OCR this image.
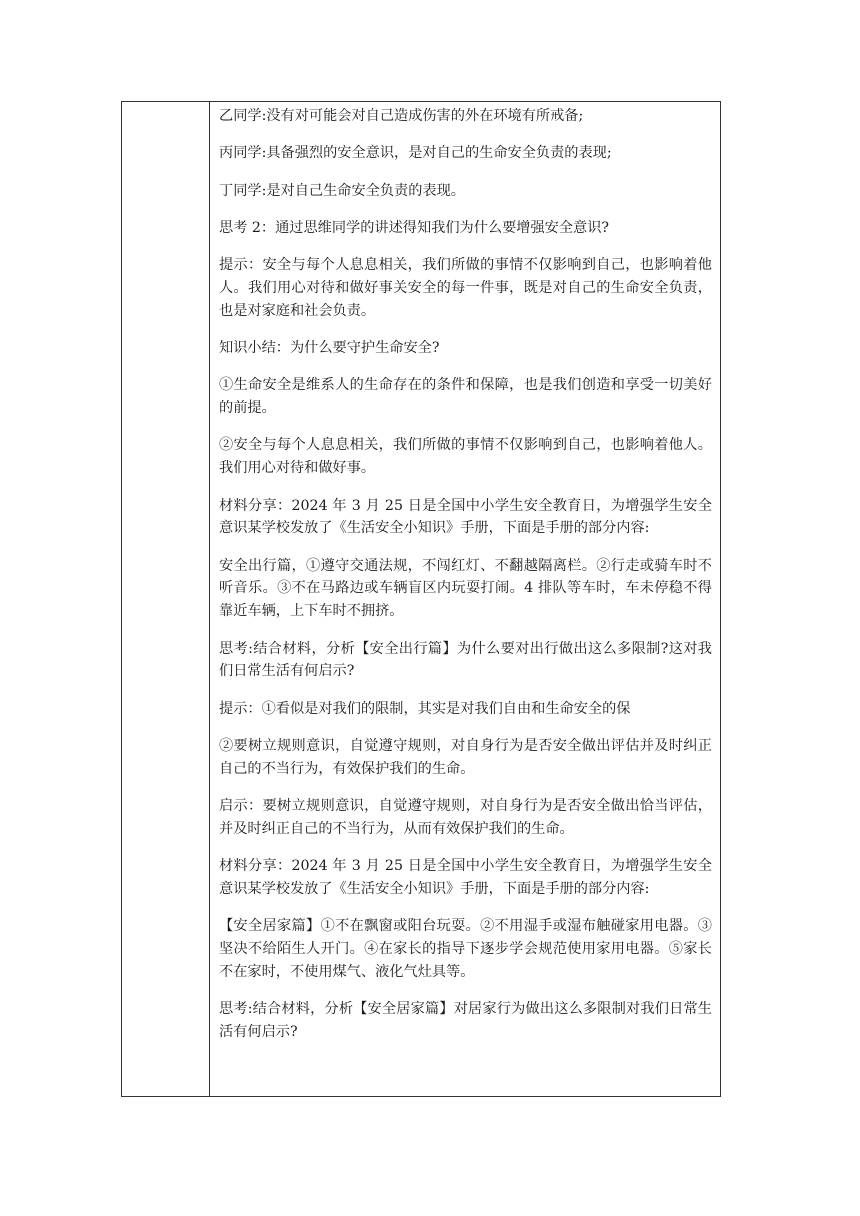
乙同学:没有对可能会对自己造成伤害的外在环境有所戒备;

丙同学:具备强烈的安全意识，是对自己的生命安全负责的表现;

丁同学:是对自己生命安全负责的表现。

思考 2：通过思维同学的讲述得知我们为什么要增强安全意识?

提示：安全与每个人息息相关，我们所做的事情不仅影响到自己，也影响着他人。我们用心对待和做好事关安全的每一件事，既是对自己的生命安全负责，也是对家庭和社会负责。

知识小结：为什么要守护生命安全?

①生命安全是维系人的生命存在的条件和保障，也是我们创造和享受一切美好的前提。

②安全与每个人息息相关，我们所做的事情不仅影响到自己，也影响着他人。我们用心对待和做好事。

材料分享：2024 年 3 月 25 日是全国中小学生安全教育日，为增强学生安全意识某学校发放了《生活安全小知识》手册，下面是手册的部分内容:

安全出行篇，①遵守交通法规，不闯红灯、不翻越隔离栏。②行走或骑车时不听音乐。③不在马路边或车辆盲区内玩耍打闹。4 排队等车时，车未停稳不得靠近车辆，上下车时不拥挤。

思考:结合材料，分析【安全出行篇】为什么要对出行做出这么多限制?这对我们日常生活有何启示?

提示：①看似是对我们的限制，其实是对我们自由和生命安全的保

②要树立规则意识，自觉遵守规则，对自身行为是否安全做出评估并及时纠正自己的不当行为，有效保护我们的生命。

启示：要树立规则意识，自觉遵守规则，对自身行为是否安全做出恰当评估，并及时纠正自己的不当行为，从而有效保护我们的生命。

材料分享：2024 年 3 月 25 日是全国中小学生安全教育日，为增强学生安全意识某学校发放了《生活安全小知识》手册，下面是手册的部分内容:

【安全居家篇】①不在飘窗或阳台玩耍。②不用湿手或湿布触碰家用电器。③坚决不给陌生人开门。④在家长的指导下逐步学会规范使用家用电器。⑤家长不在家时，不使用煤气、液化气灶具等。

思考:结合材料，分析【安全居家篇】对居家行为做出这么多限制对我们日常生活有何启示?
